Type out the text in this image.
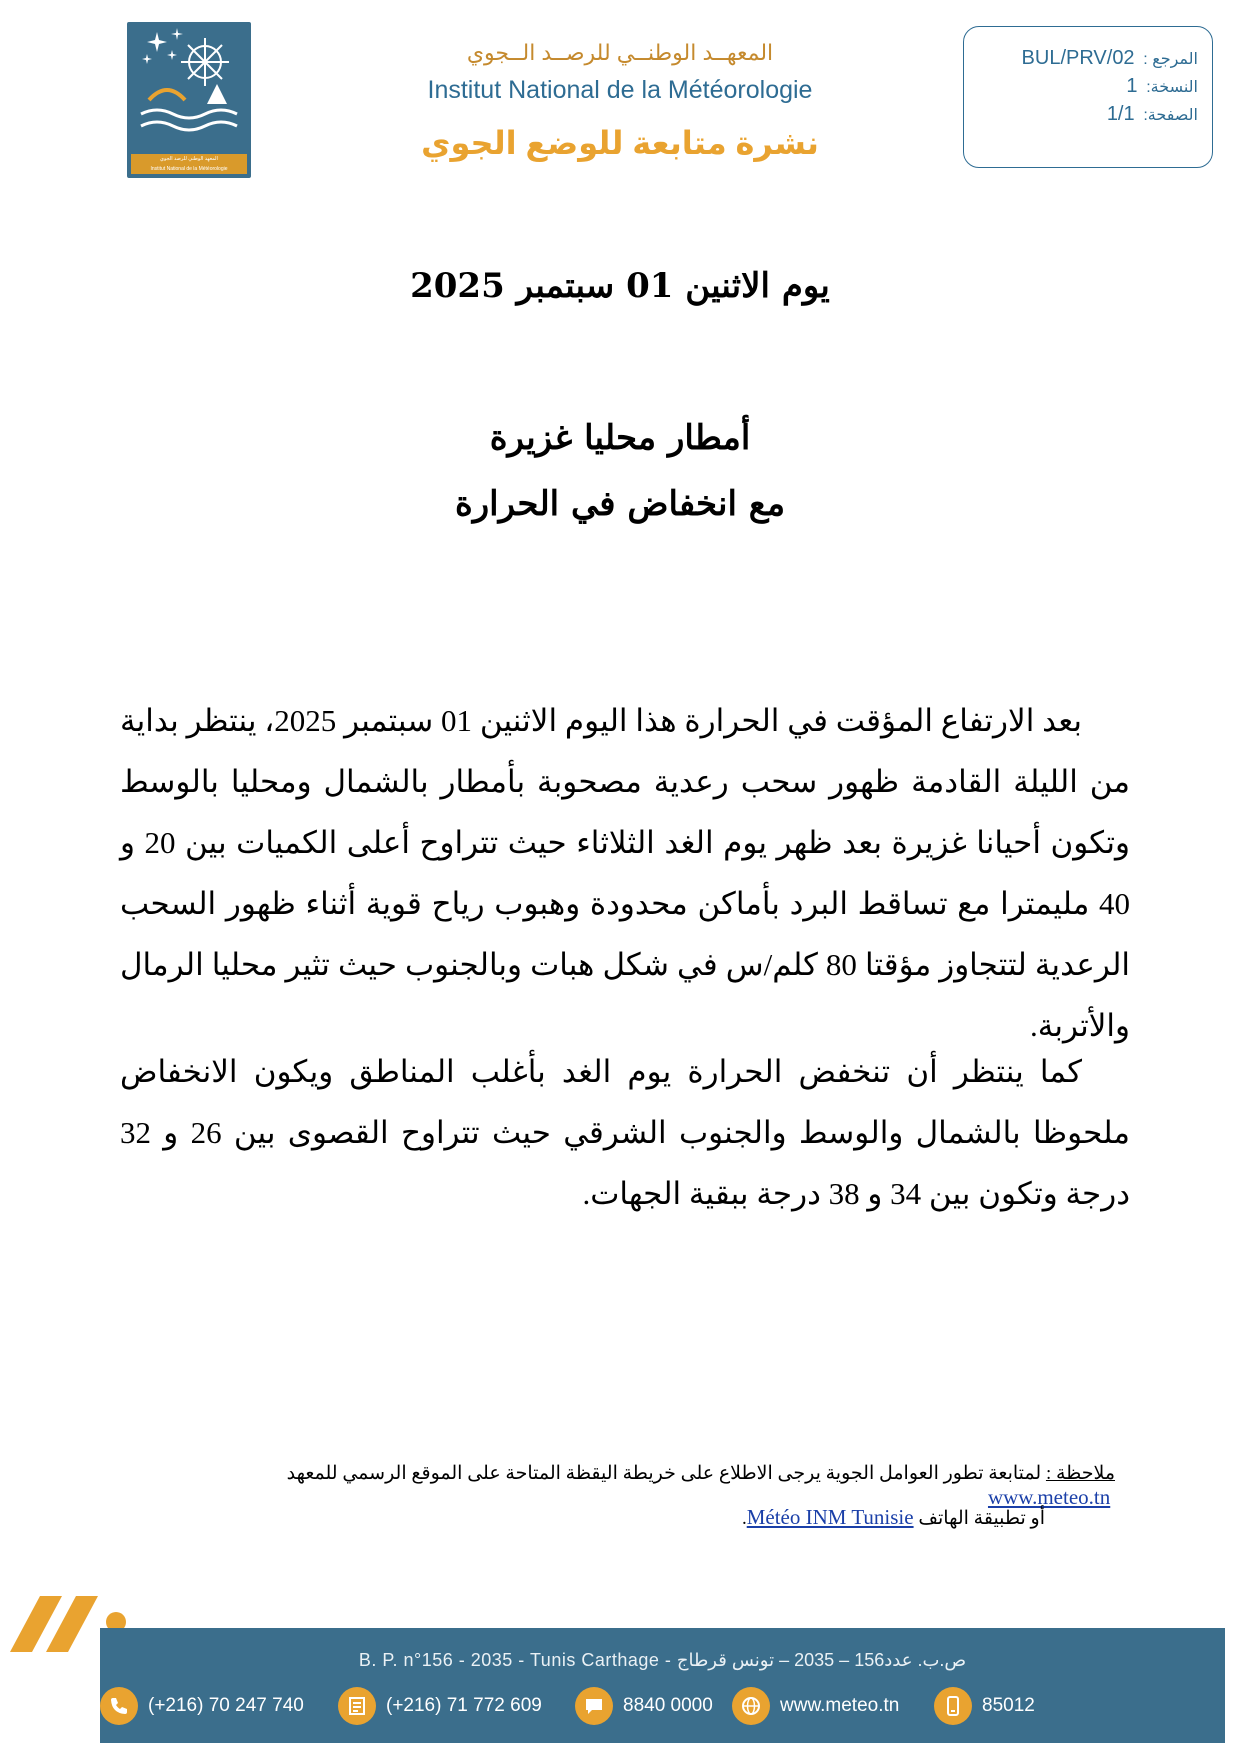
المعهد الوطني للرصد الجوي
Institut National de la Météorologie
المعهــد الوطنــي للرصــد الــجوي
Institut National de la Météorologie
نشرة متابعة للوضع الجوي
المرجع : BUL/PRV/02
النسخة: 1
الصفحة: 1/1
يوم الاثنين 01 سبتمبر 2025
أمطار محليا غزيرة
مع انخفاض في الحرارة
بعد الارتفاع المؤقت في الحرارة هذا اليوم الاثنين 01 سبتمبر 2025، ينتظر بداية من الليلة القادمة ظهور سحب رعدية مصحوبة بأمطار بالشمال ومحليا بالوسط وتكون أحيانا غزيرة بعد ظهر يوم الغد الثلاثاء حيث تتراوح أعلى الكميات بين 20 و 40 مليمترا مع تساقط البرد بأماكن محدودة وهبوب رياح قوية أثناء ظهور السحب الرعدية لتتجاوز مؤقتا 80 كلم/س في شكل هبات وبالجنوب حيث تثير محليا الرمال والأتربة.
كما ينتظر أن تنخفض الحرارة يوم الغد بأغلب المناطق ويكون الانخفاض ملحوظا بالشمال والوسط والجنوب الشرقي حيث تتراوح القصوى بين 26 و 32 درجة وتكون بين 34 و 38 درجة ببقية الجهات.
ملاحظة : لمتابعة تطور العوامل الجوية يرجى الاطلاع على خريطة اليقظة المتاحة على الموقع الرسمي للمعهد  www.meteo.tn
أو تطبيقة الهاتف Météo INM Tunisie.
B. P. n°156 - 2035 - Tunis Carthage - ص.ب. عدد156 – 2035 – تونس قرطاج
(+216) 70 247 740	(+216) 71 772 609	8840 0000	www.meteo.tn	85012
